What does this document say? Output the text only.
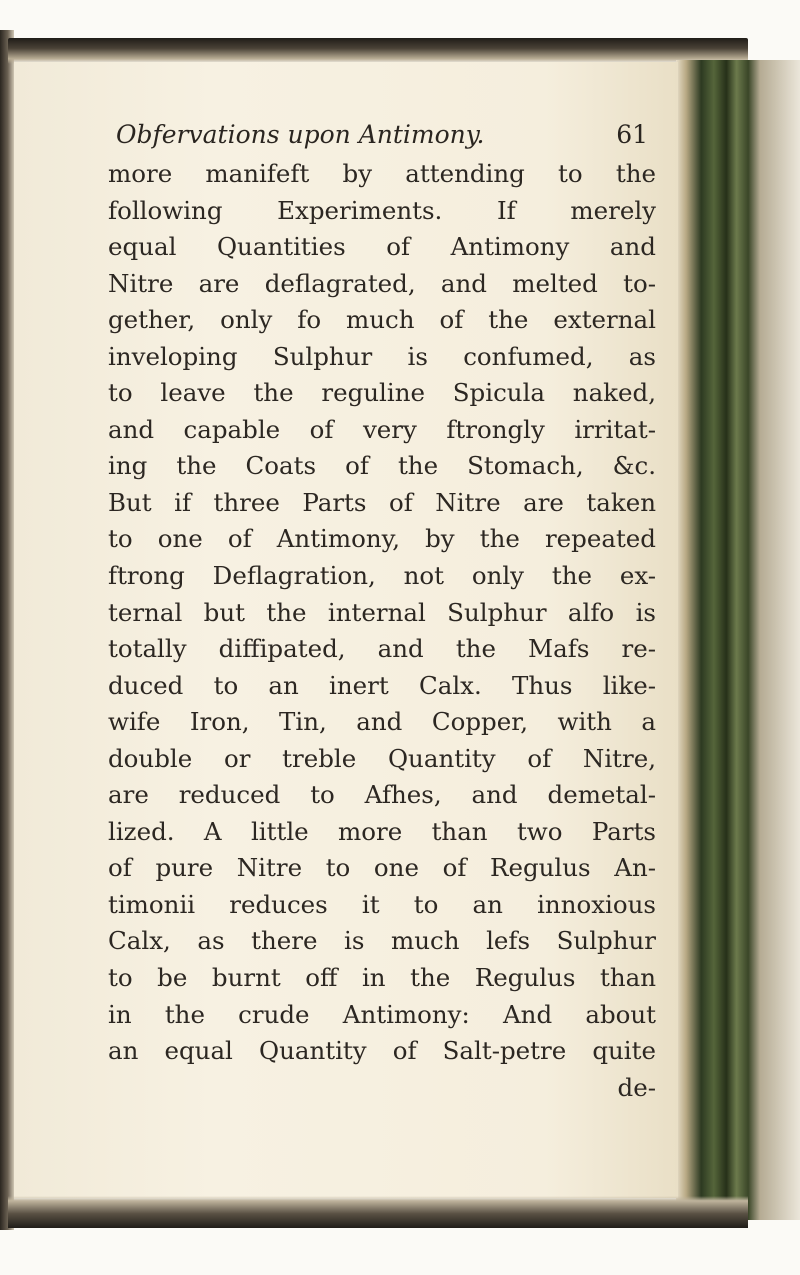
Obfervations upon Antimony.	61
more manifeft by attending to the
following Experiments. If merely
equal Quantities of Antimony and
Nitre are deflagrated, and melted to-
gether, only fo much of the external
inveloping Sulphur is confumed, as
to leave the reguline Spicula naked,
and capable of very ftrongly irritat-
ing the Coats of the Stomach, &c.
But if three Parts of Nitre are taken
to one of Antimony, by the repeated
ftrong Deflagration, not only the ex-
ternal but the internal Sulphur alfo is
totally diffipated, and the Mafs re-
duced to an inert Calx. Thus like-
wife Iron, Tin, and Copper, with a
double or treble Quantity of Nitre,
are reduced to Afhes, and demetal-
lized. A little more than two Parts
of pure Nitre to one of Regulus An-
timonii reduces it to an innoxious
Calx, as there is much lefs Sulphur
to be burnt off in the Regulus than
in the crude Antimony: And about
an equal Quantity of Salt-petre quite
de-
